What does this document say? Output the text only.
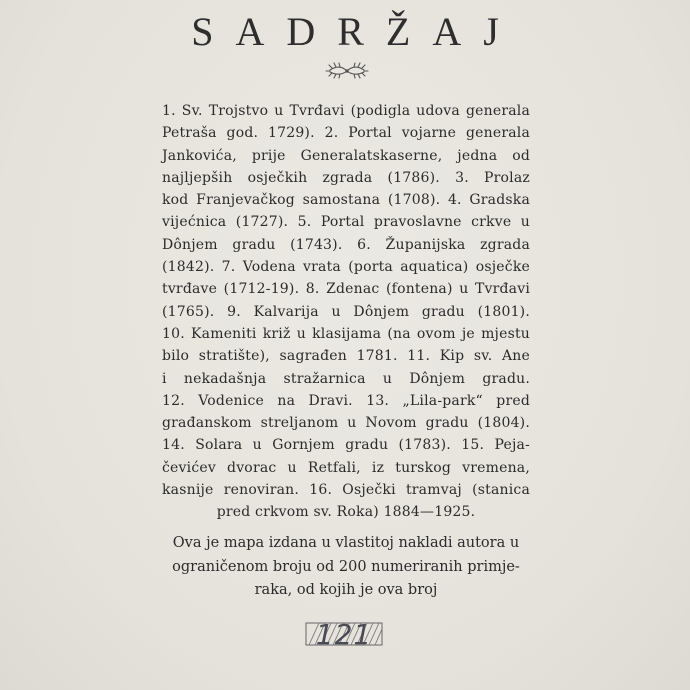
SADRŽAJ
1. Sv. Trojstvo u Tvrđavi (podigla udova generala
Petraša god. 1729). 2. Portal vojarne generala
Jankovića, prije Generalatskaserne, jedna od
najljepših osječkih zgrada (1786). 3. Prolaz
kod Franjevačkog samostana (1708). 4. Gradska
vijećnica (1727). 5. Portal pravoslavne crkve u
Dônjem gradu (1743). 6. Županijska zgrada
(1842). 7. Vodena vrata (porta aquatica) osječke
tvrđave (1712-19). 8. Zdenac (fontena) u Tvrđavi
(1765). 9. Kalvarija u Dônjem gradu (1801).
10. Kameniti križ u klasijama (na ovom je mjestu
bilo stratište), sagrađen 1781. 11. Kip sv. Ane
i nekadašnja stražarnica u Dônjem gradu.
12. Vodenice na Dravi. 13. „Lila-park“ pred
građanskom streljanom u Novom gradu (1804).
14. Solara u Gornjem gradu (1783). 15. Peja-
čevićev dvorac u Retfali, iz turskog vremena,
kasnije renoviran. 16. Osječki tramvaj (stanica
pred crkvom sv. Roka) 1884—1925.
Ova je mapa izdana u vlastitoj nakladi autora u
ograničenom broju od 200 numeriranih primje-
raka, od kojih je ova broj
121
